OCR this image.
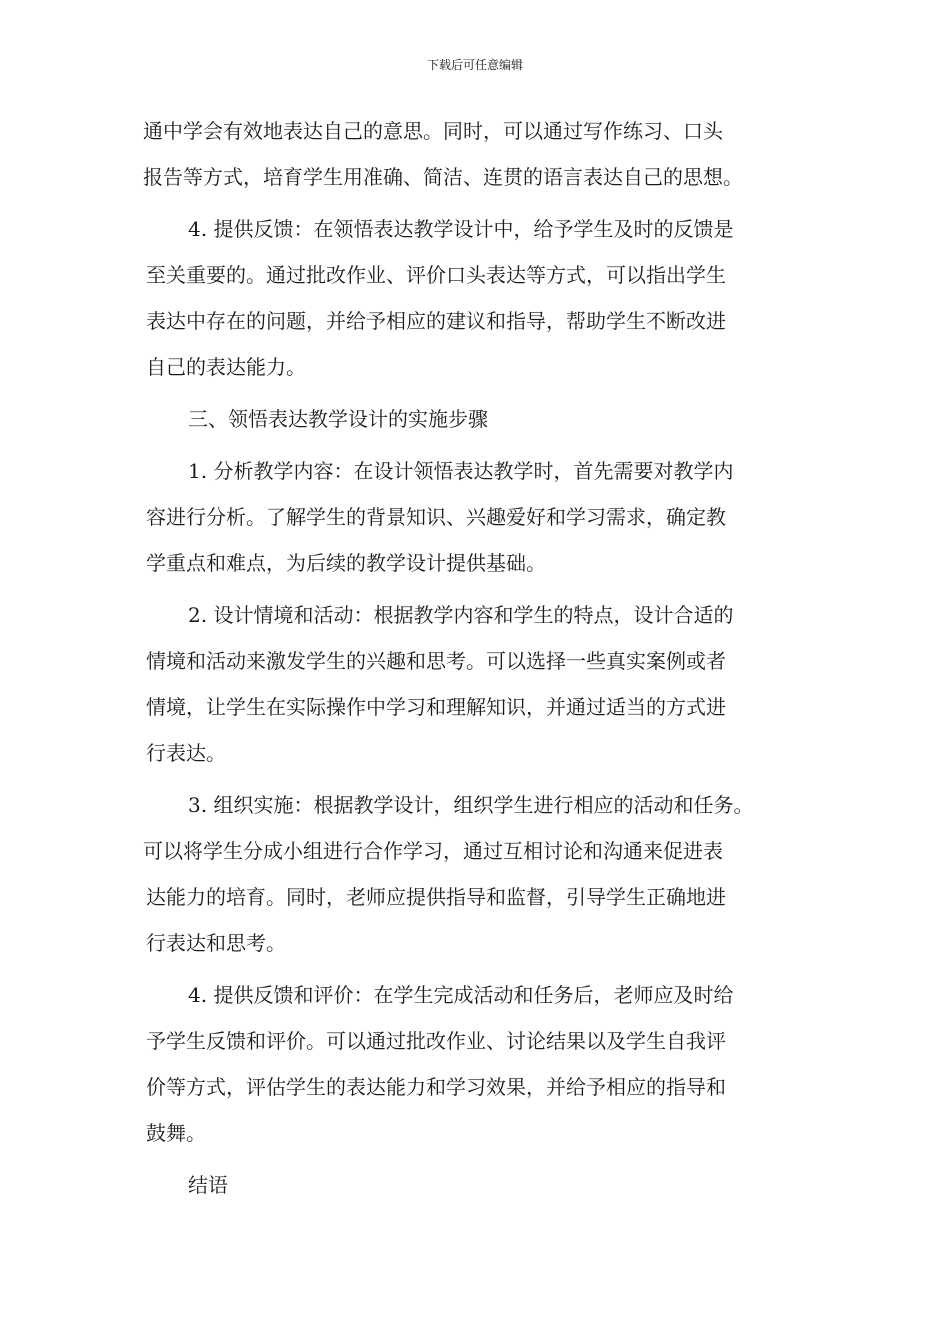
下载后可任意编辑
通中学会有效地表达自己的意思。同时，可以通过写作练习、口头
报告等方式，培育学生用准确、简洁、连贯的语言表达自己的思想。
4. 提供反馈：在领悟表达教学设计中，给予学生及时的反馈是
至关重要的。通过批改作业、评价口头表达等方式，可以指出学生
表达中存在的问题，并给予相应的建议和指导，帮助学生不断改进
自己的表达能力。
三、领悟表达教学设计的实施步骤
1. 分析教学内容：在设计领悟表达教学时，首先需要对教学内
容进行分析。了解学生的背景知识、兴趣爱好和学习需求，确定教
学重点和难点，为后续的教学设计提供基础。
2. 设计情境和活动：根据教学内容和学生的特点，设计合适的
情境和活动来激发学生的兴趣和思考。可以选择一些真实案例或者
情境，让学生在实际操作中学习和理解知识，并通过适当的方式进
行表达。
3. 组织实施：根据教学设计，组织学生进行相应的活动和任务。
可以将学生分成小组进行合作学习，通过互相讨论和沟通来促进表
达能力的培育。同时，老师应提供指导和监督，引导学生正确地进
行表达和思考。
4. 提供反馈和评价：在学生完成活动和任务后，老师应及时给
予学生反馈和评价。可以通过批改作业、讨论结果以及学生自我评
价等方式，评估学生的表达能力和学习效果，并给予相应的指导和
鼓舞。
结语
